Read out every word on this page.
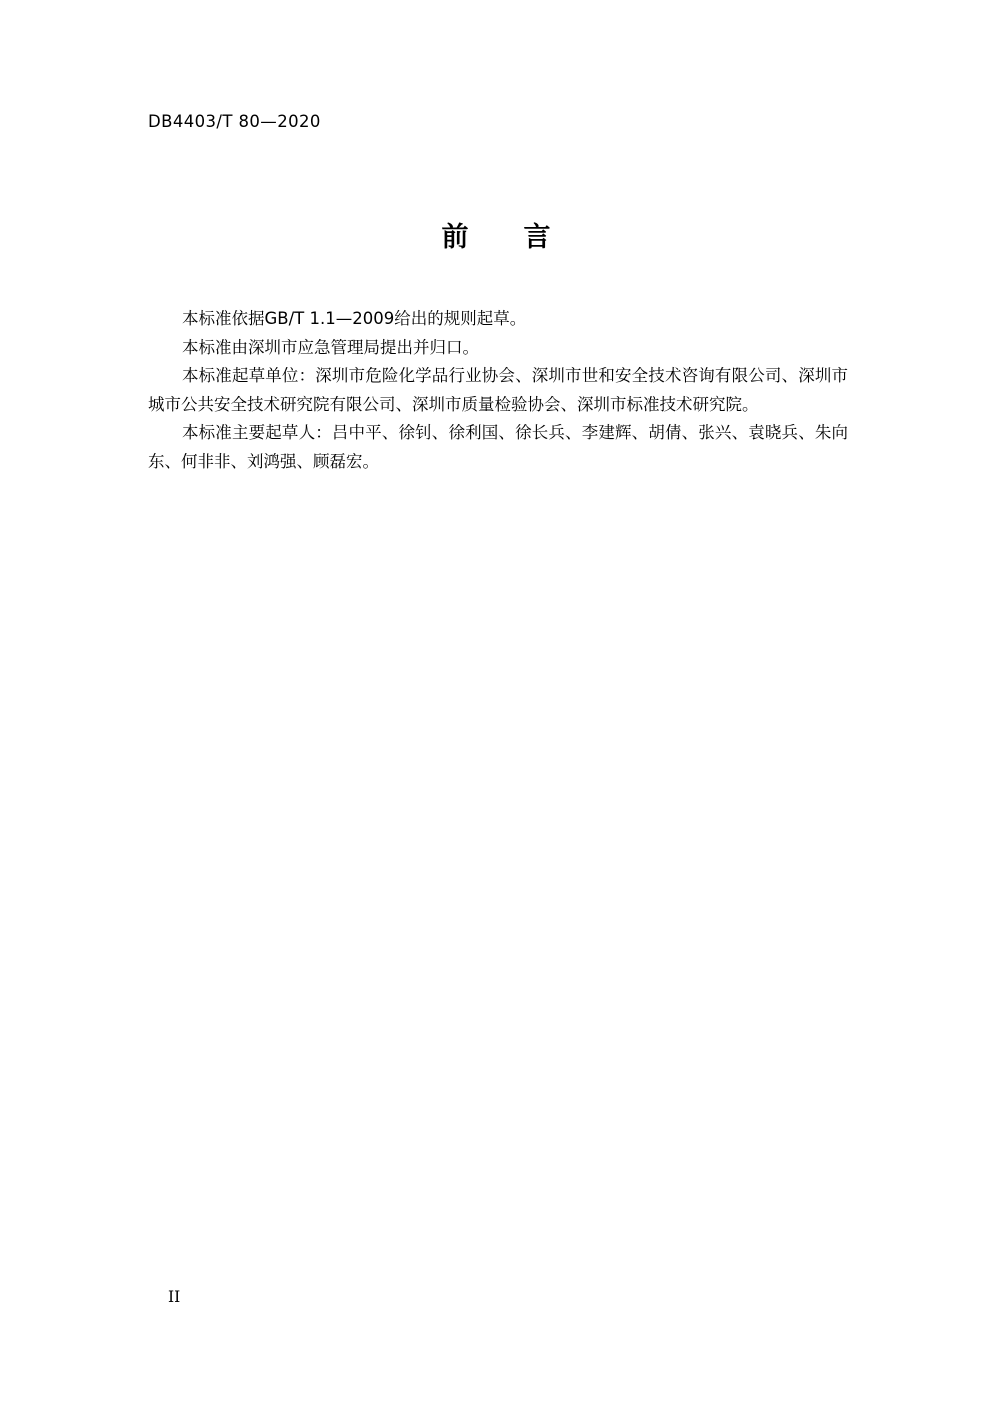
DB4403/T 80—2020
前　言

本标准依据GB/T 1.1—2009给出的规则起草。

本标准由深圳市应急管理局提出并归口。

本标准起草单位：深圳市危险化学品行业协会、深圳市世和安全技术咨询有限公司、深圳市城市公共安全技术研究院有限公司、深圳市质量检验协会、深圳市标准技术研究院。

本标准主要起草人：吕中平、徐钊、徐利国、徐长兵、李建辉、胡倩、张兴、袁晓兵、朱向东、何非非、刘鸿强、顾磊宏。

II
